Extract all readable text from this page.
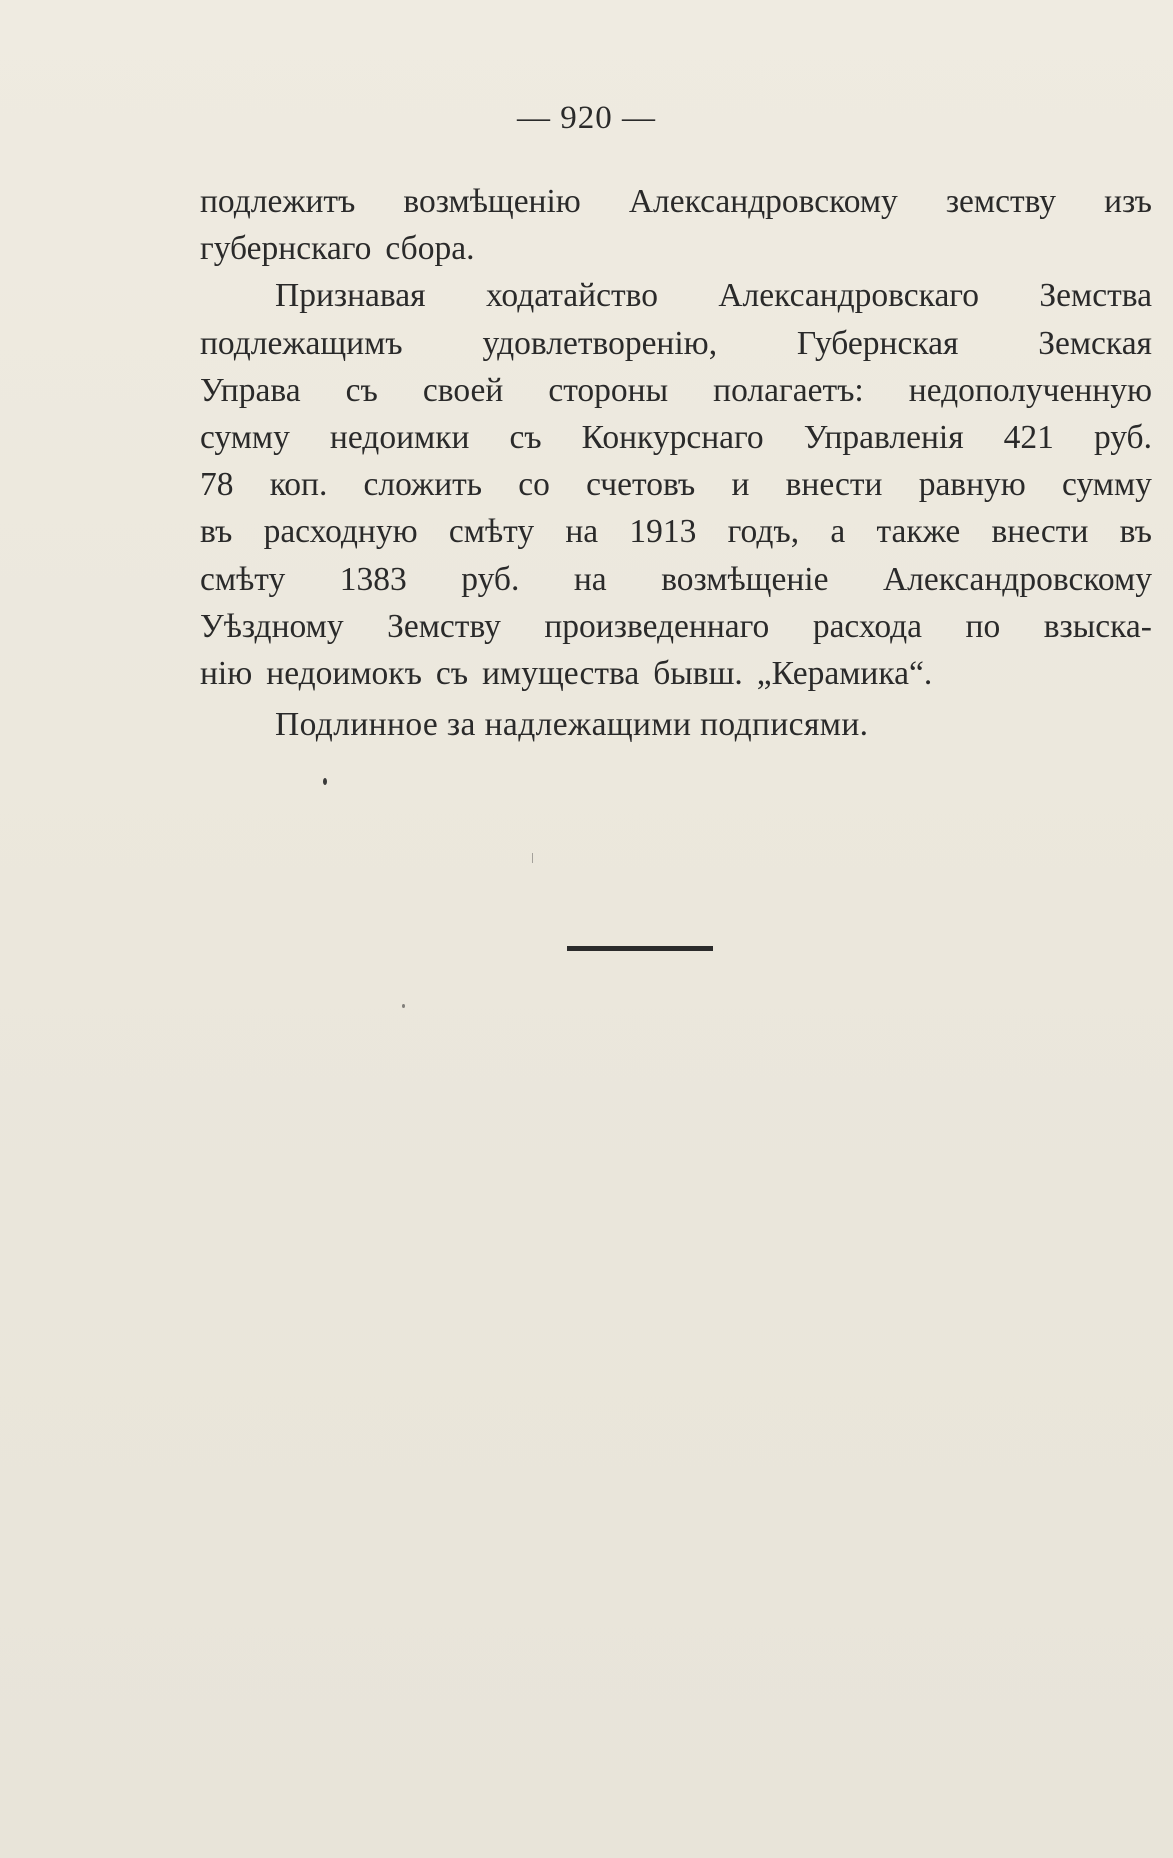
— 920 —
подлежитъ возмѣщенію Александровскому земству изъ
губернскаго сбора.
Признавая ходатайство Александровскаго Земства
подлежащимъ удовлетворенію, Губернская Земская
Управа съ своей стороны полагаетъ: недополученную
сумму недоимки съ Конкурснаго Управленія 421 руб.
78 коп. сложить со счетовъ и внести равную сумму
въ расходную смѣту на 1913 годъ, а также внести въ
смѣту 1383 руб. на возмѣщеніе Александровскому
Уѣздному Земству произведеннаго расхода по взыска-
нію недоимокъ съ имущества бывш. „Керамика“.
Подлинное за надлежащими подписями.
